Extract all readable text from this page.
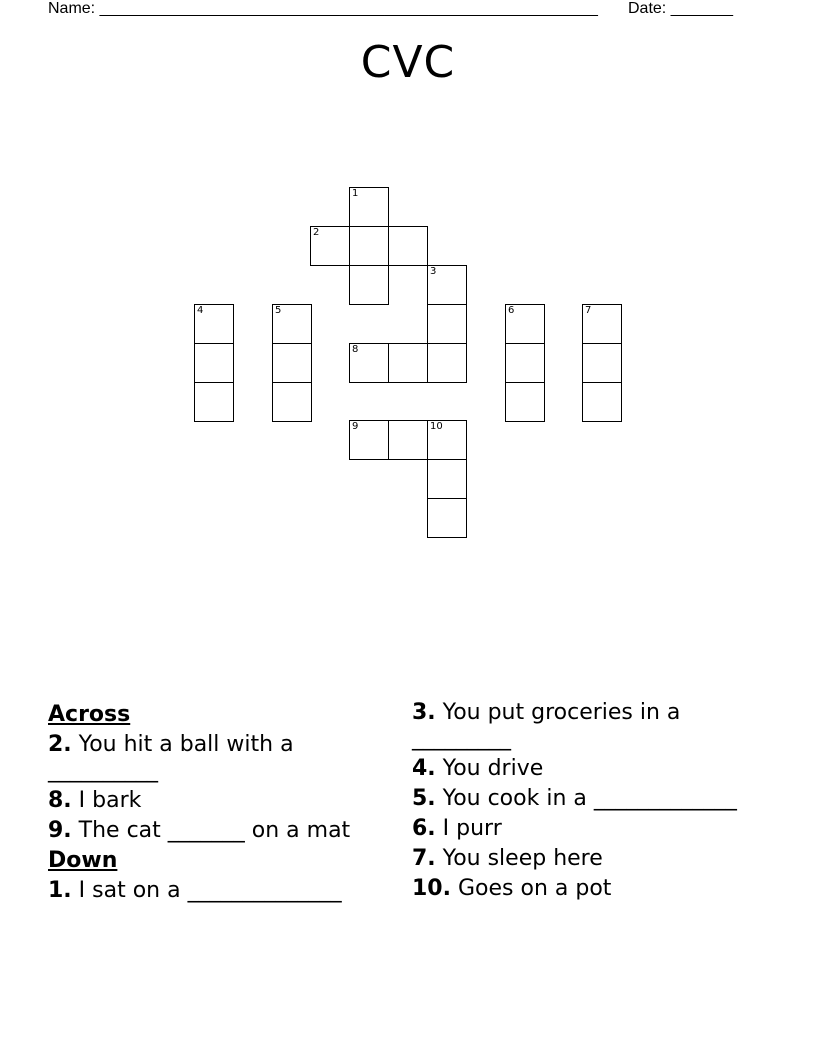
Name: ________________________________________________________ Date: _______
CVC
1
2
3
4	5	6	7
8
9	10
Across
2. You hit a ball with a __________
8. I bark
9. The cat _______ on a mat
Down
1. I sat on a ______________
3. You put groceries in a _________
4. You drive
5. You cook in a _____________
6. I purr
7. You sleep here
10. Goes on a pot
